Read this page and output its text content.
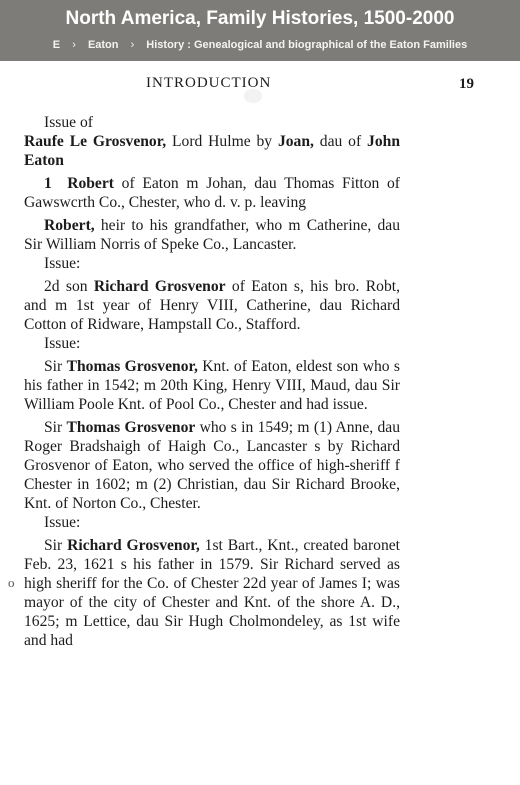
North America, Family Histories, 1500-2000
E › Eaton › History : Genealogical and biographical of the Eaton Families
INTRODUCTION	19
o

Issue of

Raufe Le Grosvenor, Lord Hulme by Joan, dau of John Eaton

1 Robert of Eaton m Johan, dau Thomas Fitton of Gawswcrth Co., Chester, who d. v. p. leaving

Robert, heir to his grandfather, who m Catherine, dau Sir William Norris of Speke Co., Lancaster.

Issue:

2d son Richard Grosvenor of Eaton s, his bro. Robt, and m 1st year of Henry VIII, Catherine, dau Richard Cotton of Ridware, Hampstall Co., Stafford.

Issue:

Sir Thomas Grosvenor, Knt. of Eaton, eldest son who s his father in 1542; m 20th King, Henry VIII, Maud, dau Sir William Poole Knt. of Pool Co., Chester and had issue.

Sir Thomas Grosvenor who s in 1549; m (1) Anne, dau Roger Bradshaigh of Haigh Co., Lancaster s by Richard Grosvenor of Eaton, who served the office of high-sheriff f Chester in 1602; m (2) Christian, dau Sir Richard Brooke, Knt. of Norton Co., Chester.

Issue:

Sir Richard Grosvenor, 1st Bart., Knt., created baronet Feb. 23, 1621 s his father in 1579. Sir Richard served as high sheriff for the Co. of Chester 22d year of James I; was mayor of the city of Chester and Knt. of the shore A. D., 1625; m Lettice, dau Sir Hugh Cholmondeley, as 1st wife and had
